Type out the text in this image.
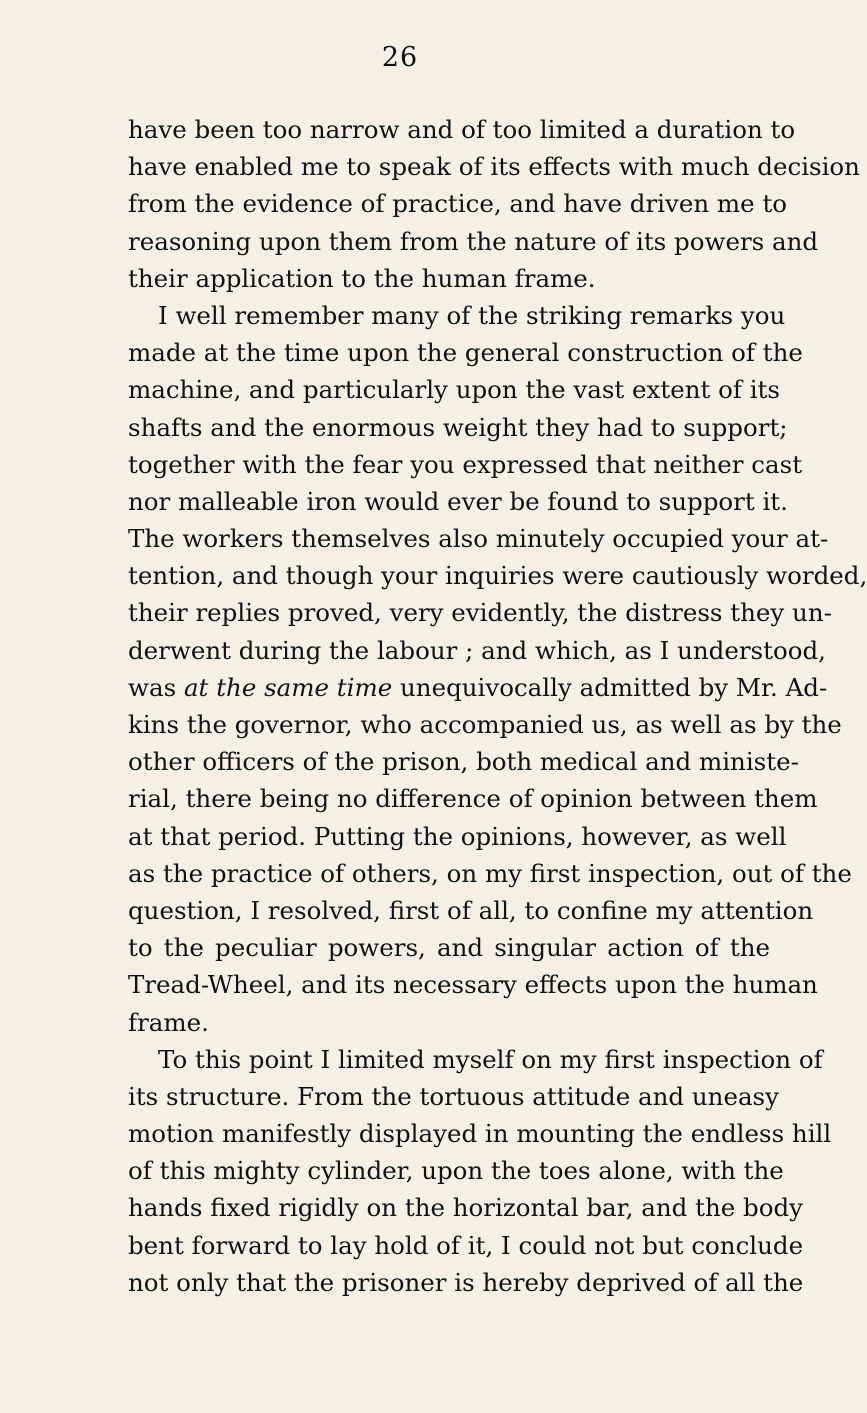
26
have been too narrow and of too limited a duration to
have enabled me to speak of its effects with much decision
from the evidence of practice, and have driven me to
reasoning upon them from the nature of its powers and
their application to the human frame.
I well remember many of the striking remarks you
made at the time upon the general construction of the
machine, and particularly upon the vast extent of its
shafts and the enormous weight they had to support;
together with the fear you expressed that neither cast
nor malleable iron would ever be found to support it.
The workers themselves also minutely occupied your at-
tention, and though your inquiries were cautiously worded,
their replies proved, very evidently, the distress they un-
derwent during the labour ; and which, as I understood,
was at the same time unequivocally admitted by Mr. Ad-
kins the governor, who accompanied us, as well as by the
other officers of the prison, both medical and ministe-
rial, there being no difference of opinion between them
at that period. Putting the opinions, however, as well
as the practice of others, on my first inspection, out of the
question, I resolved, first of all, to confine my attention
to the peculiar powers, and singular action of the
Tread-Wheel, and its necessary effects upon the human
frame.
To this point I limited myself on my first inspection of
its structure. From the tortuous attitude and uneasy
motion manifestly displayed in mounting the endless hill
of this mighty cylinder, upon the toes alone, with the
hands fixed rigidly on the horizontal bar, and the body
bent forward to lay hold of it, I could not but conclude
not only that the prisoner is hereby deprived of all the
